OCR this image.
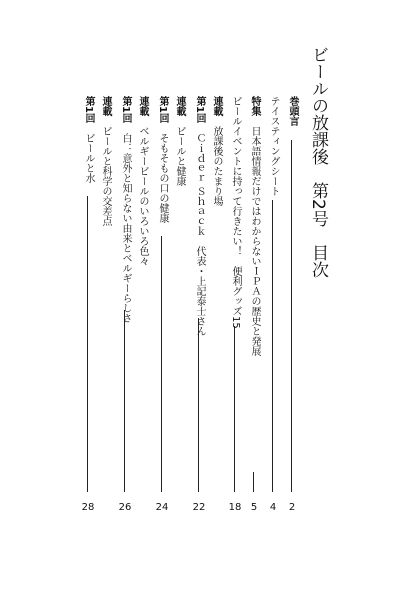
ビールの放課後　第2号　目次
巻頭言
2
テイスティングシート
4
特集日本語情報だけではわからないＩＰＡの歴史と発展
5
ビールイベントに持って行きたい！　便利グッズ15
18
連載放課後のたまり場
第1回Ｃｉｄｅｒ Ｓｈａｃｋ　代表・上記泰士さん
22
連載ビールと健康
第1回そもそもの口の健康
24
連載ベルギービールのいろいろ色々
第1回白：意外と知らない由来とベルギーらしさ
26
連載ビールと科学の交差点
第1回ビールと水
28
